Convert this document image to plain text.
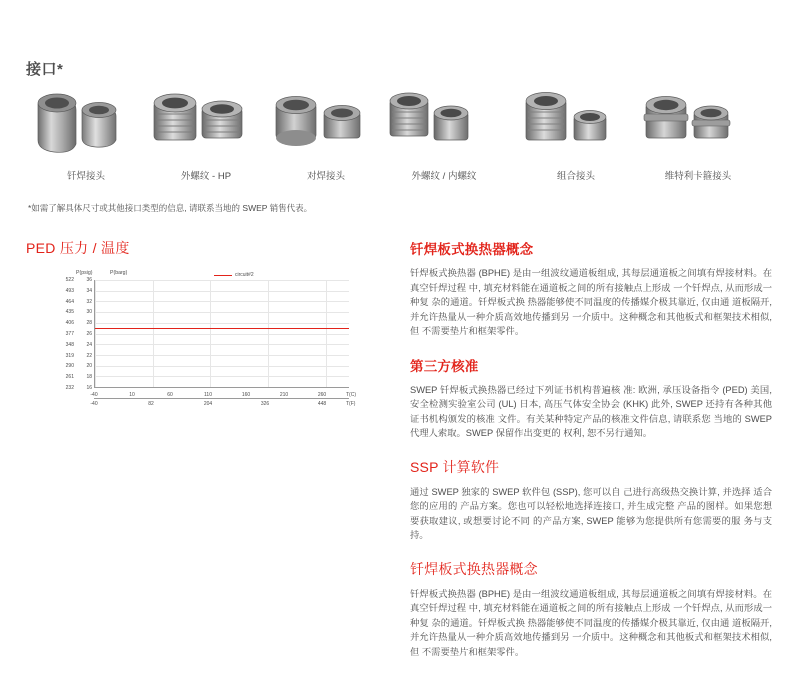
接口*
钎焊接头	外螺纹 - HP	对焊接头	外螺纹 / 内螺纹	组合接头	维特利卡箍接头
*如需了解具体尺寸或其他接口类型的信息, 请联系当地的 SWEP 销售代表。
PED 压力 / 温度
P(psig)	P(barg)	circuit#2
36
34
32
30
28
26
24
22
20
18
16
522
493
464
435
406
377
348
319
290
261
232
-40	10	60	110	160	210	260	T(C)
-40	82	204	326	448	T(F)
钎焊板式换热器概念

钎焊板式换热器 (BPHE) 是由一组波纹通道板组成, 其每层通道板之间填有焊接材料。在真空钎焊过程 中, 填充材料能在通道板之间的所有接触点上形成 一个钎焊点, 从而形成一种复 杂的通道。钎焊板式换 热器能够使不同温度的传播媒介极其靠近, 仅由通 道板隔开, 并允许热量从一种介质高效地传播到另 一介质中。这种概念和其他板式和框架技术相似, 但 不需要垫片和框架零件。

第三方核准

SWEP 钎焊板式换热器已经过下列证书机构普遍核 准: 欧洲, 承压设备指令 (PED) 美国, 安全检测实验室公司 (UL) 日本, 高压气体安全协会 (KHK) 此外, SWEP 还持有各种其他证书机构颁发的核准 文件。有关某种特定产品的核准文件信息, 请联系您 当地的 SWEP 代理人索取。SWEP 保留作出变更的 权利, 恕不另行通知。

SSP 计算软件

通过 SWEP 独家的 SWEP 软件包 (SSP), 您可以自 己进行高级热交换计算, 并选择 适合您的应用的 产品方案。您也可以轻松地选择连接口, 并生成完整 产品的图样。如果您想要获取建议, 或想要讨论不同 的产品方案, SWEP 能够为您提供所有您需要的服 务与支持。

钎焊板式换热器概念

钎焊板式换热器 (BPHE) 是由一组波纹通道板组成, 其每层通道板之间填有焊接材料。在真空钎焊过程 中, 填充材料能在通道板之间的所有接触点上形成 一个钎焊点, 从而形成一种复 杂的通道。钎焊板式换 热器能够使不同温度的传播媒介极其靠近, 仅由通 道板隔开, 并允许热量从一种介质高效地传播到另 一介质中。这种概念和其他板式和框架技术相似, 但 不需要垫片和框架零件。
